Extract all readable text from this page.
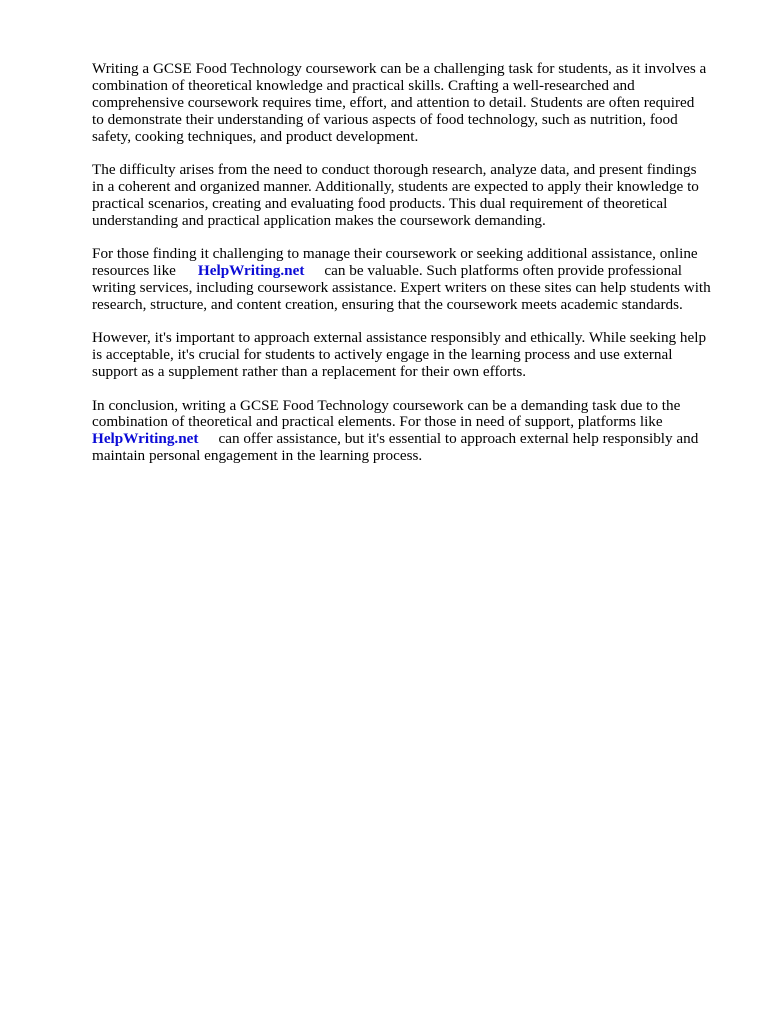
Writing a GCSE Food Technology coursework can be a challenging task for students, as it involves a
combination of theoretical knowledge and practical skills. Crafting a well-researched and
comprehensive coursework requires time, effort, and attention to detail. Students are often required
to demonstrate their understanding of various aspects of food technology, such as nutrition, food
safety, cooking techniques, and product development.

The difficulty arises from the need to conduct thorough research, analyze data, and present findings
in a coherent and organized manner. Additionally, students are expected to apply their knowledge to
practical scenarios, creating and evaluating food products. This dual requirement of theoretical
understanding and practical application makes the coursework demanding.

For those finding it challenging to manage their coursework or seeking additional assistance, online
resources like HelpWriting.net can be valuable. Such platforms often provide professional
writing services, including coursework assistance. Expert writers on these sites can help students with
research, structure, and content creation, ensuring that the coursework meets academic standards.

However, it's important to approach external assistance responsibly and ethically. While seeking help
is acceptable, it's crucial for students to actively engage in the learning process and use external
support as a supplement rather than a replacement for their own efforts.

In conclusion, writing a GCSE Food Technology coursework can be a demanding task due to the
combination of theoretical and practical elements. For those in need of support, platforms like
HelpWriting.net can offer assistance, but it's essential to approach external help responsibly and
maintain personal engagement in the learning process.
